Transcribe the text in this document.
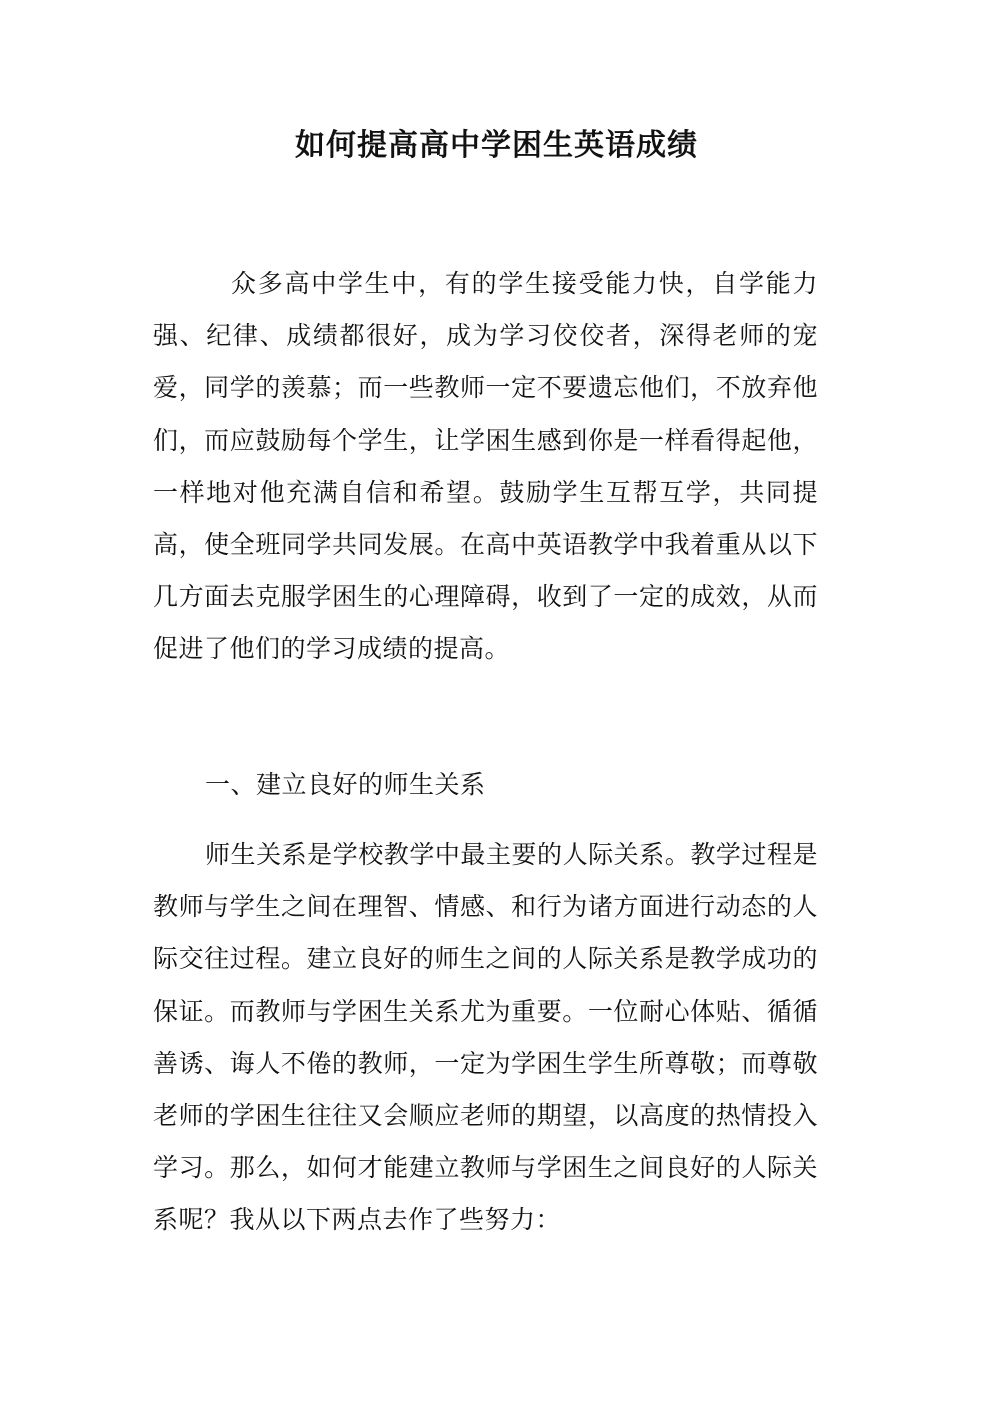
如何提高高中学困生英语成绩
众多高中学生中，有的学生接受能力快，自学能力强、纪律、成绩都很好，成为学习佼佼者，深得老师的宠爱，同学的羡慕；而一些教师一定不要遗忘他们，不放弃他们，而应鼓励每个学生，让学困生感到你是一样看得起他，一样地对他充满自信和希望。鼓励学生互帮互学，共同提高，使全班同学共同发展。在高中英语教学中我着重从以下几方面去克服学困生的心理障碍，收到了一定的成效，从而促进了他们的学习成绩的提高。
一、建立良好的师生关系
师生关系是学校教学中最主要的人际关系。教学过程是教师与学生之间在理智、情感、和行为诸方面进行动态的人际交往过程。建立良好的师生之间的人际关系是教学成功的保证。而教师与学困生关系尤为重要。一位耐心体贴、循循善诱、诲人不倦的教师，一定为学困生学生所尊敬；而尊敬老师的学困生往往又会顺应老师的期望，以高度的热情投入学习。那么，如何才能建立教师与学困生之间良好的人际关系呢？我从以下两点去作了些努力：
